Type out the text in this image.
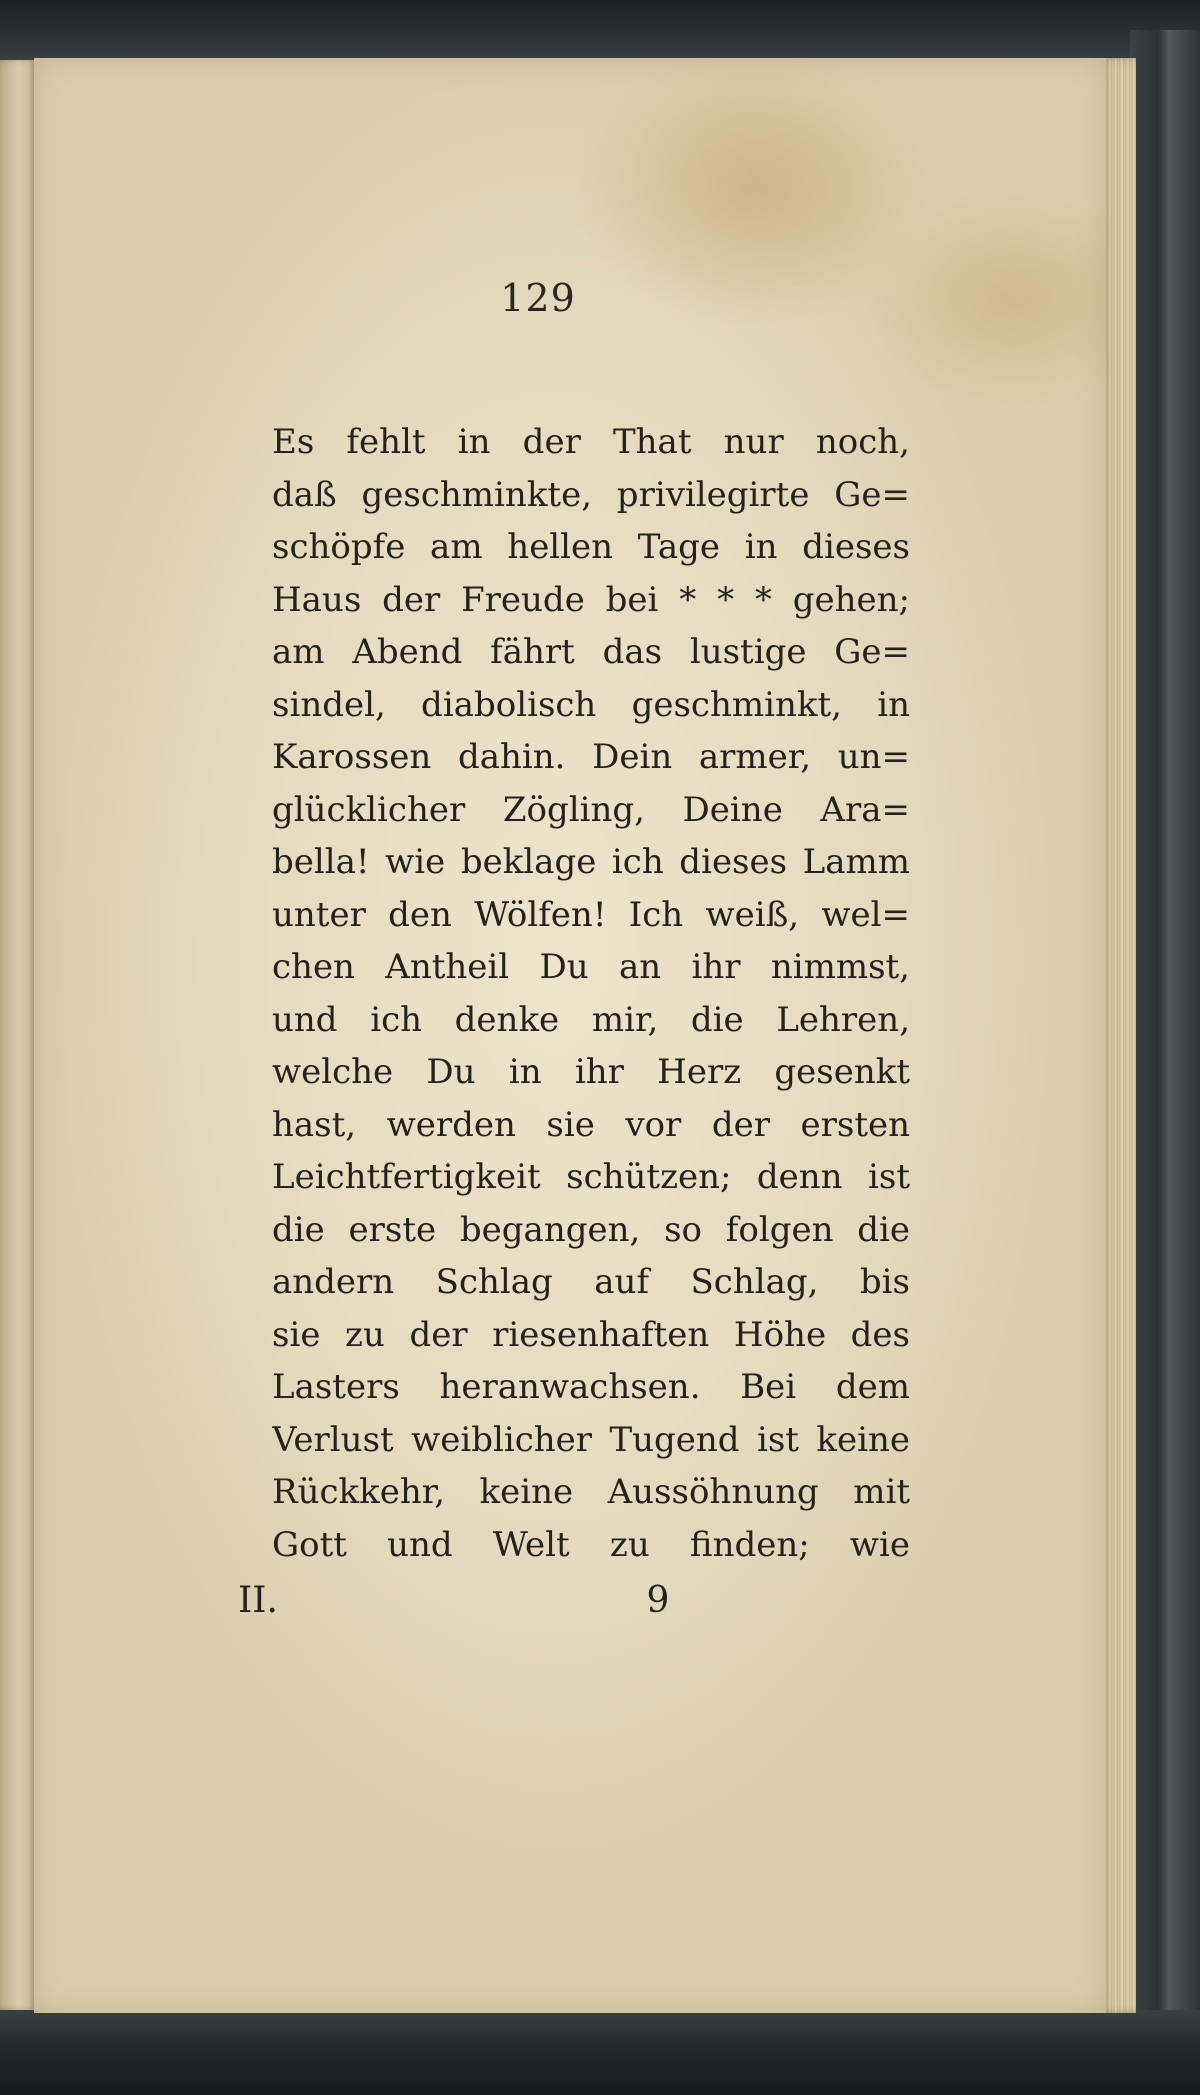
129
Es fehlt in der That nur noch,
daß geschminkte, privilegirte Ge=
schöpfe am hellen Tage in dieses
Haus der Freude bei * * * gehen;
am Abend fährt das lustige Ge=
sindel, diabolisch geschminkt, in
Karossen dahin. Dein armer, un=
glücklicher Zögling, Deine Ara=
bella! wie beklage ich dieses Lamm
unter den Wölfen! Ich weiß, wel=
chen Antheil Du an ihr nimmst,
und ich denke mir, die Lehren,
welche Du in ihr Herz gesenkt
hast, werden sie vor der ersten
Leichtfertigkeit schützen; denn ist
die erste begangen, so folgen die
andern Schlag auf Schlag, bis
sie zu der riesenhaften Höhe des
Lasters heranwachsen. Bei dem
Verlust weiblicher Tugend ist keine
Rückkehr, keine Aussöhnung mit
Gott und Welt zu finden; wie
II.	9
